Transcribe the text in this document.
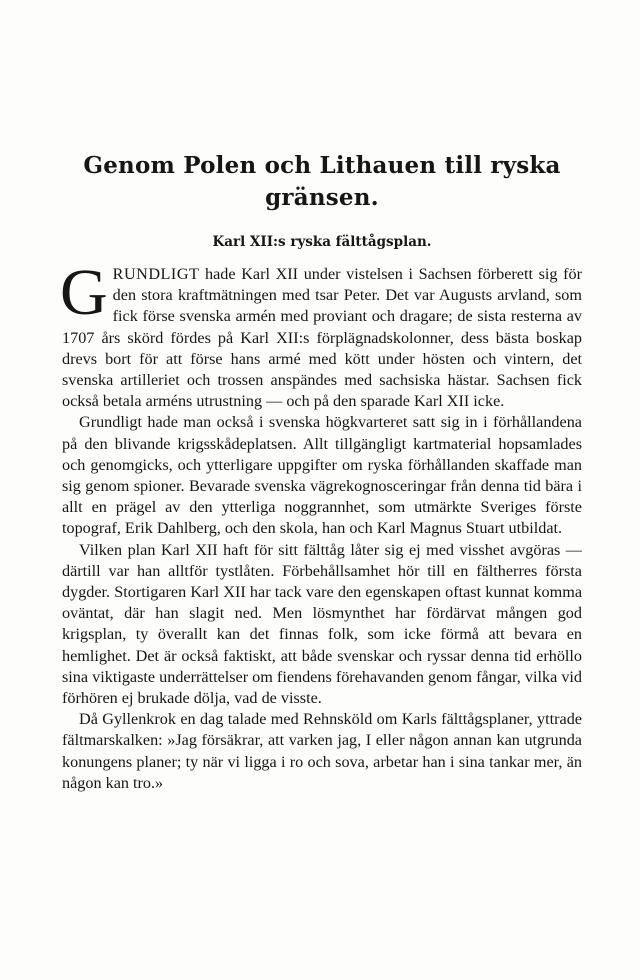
Genom Polen och Lithauen till ryska
gränsen.
Karl XII:s ryska fälttågsplan.

GRUNDLIGT hade Karl XII under vistelsen i Sachsen förberett sig för den stora kraftmätningen med tsar Peter. Det var Augusts arvland, som fick förse svenska armén med proviant och dragare; de sista resterna av 1707 års skörd fördes på Karl XII:s förplägnadskolonner, dess bästa boskap drevs bort för att förse hans armé med kött under hösten och vintern, det svenska artilleriet och trossen anspändes med sachsiska hästar. Sachsen fick också betala arméns utrustning — och på den sparade Karl XII icke.

Grundligt hade man också i svenska högkvarteret satt sig in i förhållandena på den blivande krigsskådeplatsen. Allt tillgängligt kartmaterial hopsamlades och genomgicks, och ytterligare uppgifter om ryska förhållanden skaffade man sig genom spioner. Bevarade svenska vägrekognosceringar från denna tid bära i allt en prägel av den ytterliga noggrannhet, som utmärkte Sveriges förste topograf, Erik Dahlberg, och den skola, han och Karl Magnus Stuart utbildat.

Vilken plan Karl XII haft för sitt fälttåg låter sig ej med visshet avgöras — därtill var han alltför tystlåten. Förbehållsamhet hör till en fältherres första dygder. Stortigaren Karl XII har tack vare den egenskapen oftast kunnat komma oväntat, där han slagit ned. Men lösmynthet har fördärvat mången god krigsplan, ty överallt kan det finnas folk, som icke förmå att bevara en hemlighet. Det är också faktiskt, att både svenskar och ryssar denna tid erhöllo sina viktigaste underrättelser om fiendens förehavanden genom fångar, vilka vid förhören ej brukade dölja, vad de visste.

Då Gyllenkrok en dag talade med Rehnsköld om Karls fälttågsplaner, yttrade fältmarskalken: »Jag försäkrar, att varken jag, I eller någon annan kan utgrunda konungens planer; ty när vi ligga i ro och sova, arbetar han i sina tankar mer, än någon kan tro.»
